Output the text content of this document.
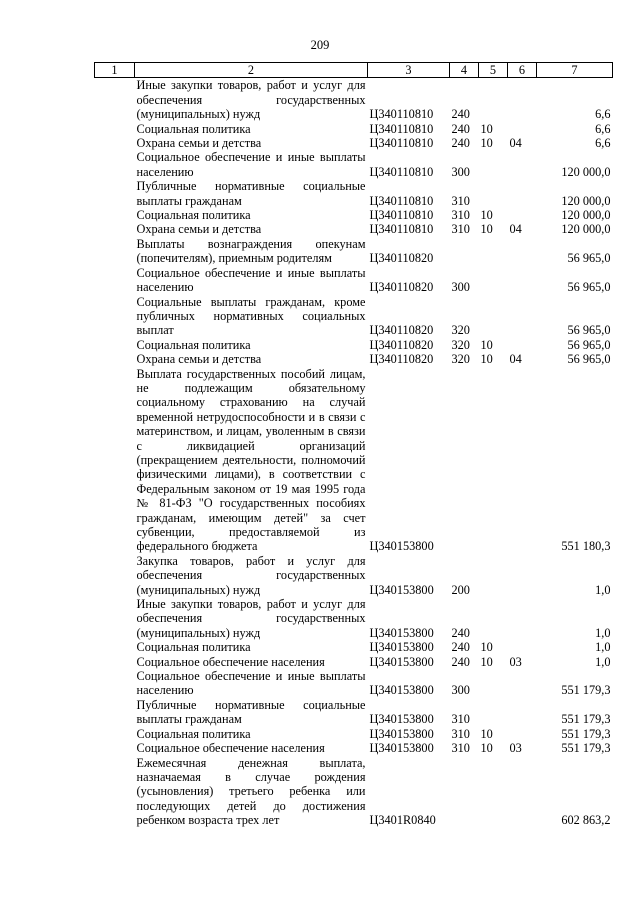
209
1	2	3	4	5	6	7
	Иные закупки товаров, работ и услуг для обеспечения государственных (муниципальных) нужд	Ц340110810	240			6,6
	Социальная политика	Ц340110810	240	10		6,6
	Охрана семьи и детства	Ц340110810	240	10	04	6,6
	Социальное обеспечение и иные выплаты населению	Ц340110810	300			120 000,0
	Публичные нормативные социальные выплаты гражданам	Ц340110810	310			120 000,0
	Социальная политика	Ц340110810	310	10		120 000,0
	Охрана семьи и детства	Ц340110810	310	10	04	120 000,0
	Выплаты вознаграждения опекунам (попечителям), приемным родителям	Ц340110820				56 965,0
	Социальное обеспечение и иные выплаты населению	Ц340110820	300			56 965,0
	Социальные выплаты гражданам, кроме публичных нормативных социальных выплат	Ц340110820	320			56 965,0
	Социальная политика	Ц340110820	320	10		56 965,0
	Охрана семьи и детства	Ц340110820	320	10	04	56 965,0
	Выплата государственных пособий лицам, не подлежащим обязательному социальному страхованию на случай временной нетрудоспособности и в связи с материнством, и лицам, уволенным в связи с ликвидацией организаций (прекращением деятельности, полномочий физическими лицами), в соответствии с Федеральным законом от 19 мая 1995 года № 81-ФЗ "О государственных пособиях гражданам, имеющим детей" за счет субвенции, предоставляемой из федерального бюджета	Ц340153800				551 180,3
	Закупка товаров, работ и услуг для обеспечения государственных (муниципальных) нужд	Ц340153800	200			1,0
	Иные закупки товаров, работ и услуг для обеспечения государственных (муниципальных) нужд	Ц340153800	240			1,0
	Социальная политика	Ц340153800	240	10		1,0
	Социальное обеспечение населения	Ц340153800	240	10	03	1,0
	Социальное обеспечение и иные выплаты населению	Ц340153800	300			551 179,3
	Публичные нормативные социальные выплаты гражданам	Ц340153800	310			551 179,3
	Социальная политика	Ц340153800	310	10		551 179,3
	Социальное обеспечение населения	Ц340153800	310	10	03	551 179,3
	Ежемесячная денежная выплата, назначаемая в случае рождения (усыновления) третьего ребенка или последующих детей до достижения ребенком возраста трех лет	Ц3401R0840				602 863,2
